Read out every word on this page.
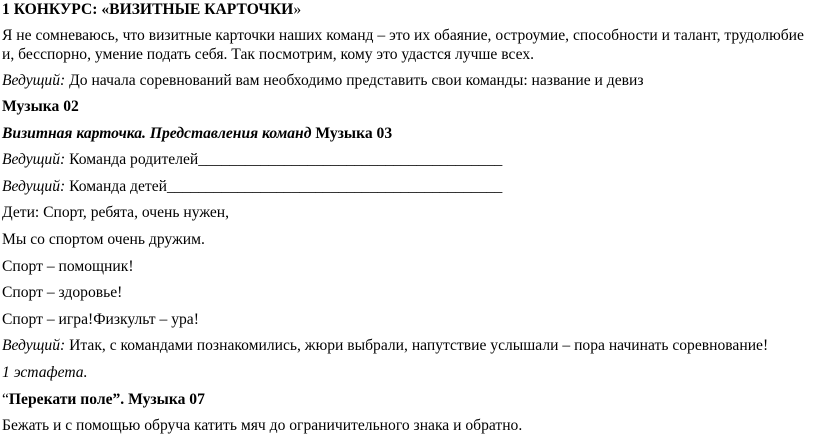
1 КОНКУРС: «ВИЗИТНЫЕ КАРТОЧКИ»
Я не сомневаюсь, что визитные карточки наших команд – это их обаяние, остроумие, способности и талант, трудолюбие
и, бесспорно, умение подать себя. Так посмотрим, кому это удастся лучше всех.
Ведущий: До начала соревнований вам необходимо представить свои команды: название и девиз
Музыка 02
Визитная карточка. Представления команд Музыка 03
Ведущий: Команда родителей_______________________________________
Ведущий: Команда детей___________________________________________
Дети: Спорт, ребята, очень нужен,
Мы со спортом очень дружим.
Спорт – помощник!
Спорт – здоровье!
Спорт – игра!Физкульт – ура!
Ведущий: Итак, с командами познакомились, жюри выбрали, напутствие услышали – пора начинать соревнование!
1 эстафета.
“Перекати поле”. Музыка 07
Бежать и с помощью обруча катить мяч до ограничительного знака и обратно.
